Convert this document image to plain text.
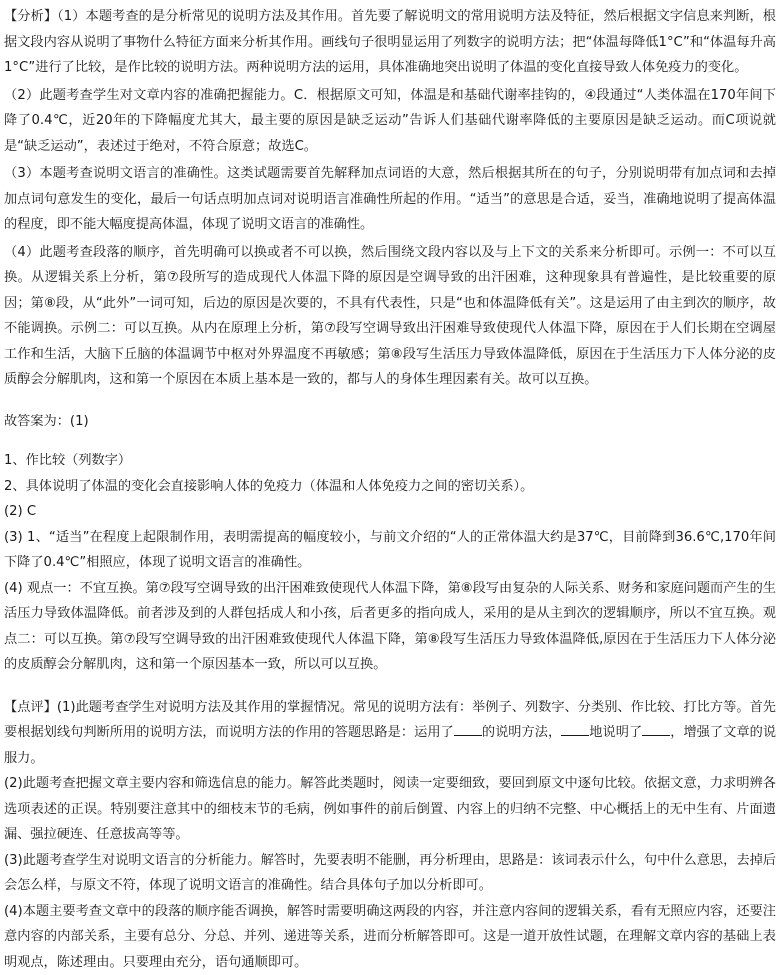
【分析】（1）本题考查的是分析常见的说明方法及其作用。首先要了解说明文的常用说明方法及特征，然后根据文字信息来判断，根据文段内容从说明了事物什么特征方面来分析其作用。画线句子很明显运用了列数字的说明方法；把“体温每降低1°C”和“体温每升高1°C”进行了比较，是作比较的说明方法。两种说明方法的运用，具体准确地突出说明了体温的变化直接导致人体免疫力的变化。

（2）此题考查学生对文章内容的准确把握能力。C．根据原文可知，体温是和基础代谢率挂钩的，④段通过“人类体温在170年间下降了0.4℃，近20年的下降幅度尤其大，最主要的原因是缺乏运动”告诉人们基础代谢率降低的主要原因是缺乏运动。而C项说就是“缺乏运动”，表述过于绝对，不符合原意；故选C。

（3）本题考查说明文语言的准确性。这类试题需要首先解释加点词语的大意，然后根据其所在的句子，分别说明带有加点词和去掉加点词句意发生的变化，最后一句话点明加点词对说明语言准确性所起的作用。“适当”的意思是合适，妥当，准确地说明了提高体温的程度，即不能大幅度提高体温，体现了说明文语言的准确性。

（4）此题考查段落的顺序，首先明确可以换或者不可以换，然后围绕文段内容以及与上下文的关系来分析即可。示例一：不可以互换。从逻辑关系上分析，第⑦段所写的造成现代人体温下降的原因是空调导致的出汗困难，这种现象具有普遍性，是比较重要的原因；第⑧段，从“此外”一词可知，后边的原因是次要的，不具有代表性，只是“也和体温降低有关”。这是运用了由主到次的顺序，故不能调换。示例二：可以互换。从内在原理上分析，第⑦段写空调导致出汗困难导致使现代人体温下降，原因在于人们长期在空调屋工作和生活，大脑下丘脑的体温调节中枢对外界温度不再敏感；第⑧段写生活压力导致体温降低，原因在于生活压力下人体分泌的皮质醇会分解肌肉，这和第一个原因在本质上基本是一致的，都与人的身体生理因素有关。故可以互换。

故答案为：(1)

1、作比较（列数字）

2、具体说明了体温的变化会直接影响人体的免疫力（体温和人体免疫力之间的密切关系）。

(2) C

(3) 1、“适当”在程度上起限制作用，表明需提高的幅度较小，与前文介绍的“人的正常体温大约是37℃，目前降到36.6℃,170年间下降了0.4℃”相照应，体现了说明文语言的准确性。

(4) 观点一：不宜互换。第⑦段写空调导致的出汗困难致使现代人体温下降，第⑧段写由复杂的人际关系、财务和家庭问题而产生的生活压力导致体温降低。前者涉及到的人群包括成人和小孩，后者更多的指向成人，采用的是从主到次的逻辑顺序，所以不宜互换。观点二：可以互换。第⑦段写空调导致的出汗困难致使现代人体温下降，第⑧段写生活压力导致体温降低,原因在于生活压力下人体分泌的皮质醇会分解肌肉，这和第一个原因基本一致，所以可以互换。

【点评】(1)此题考查学生对说明方法及其作用的掌握情况。常见的说明方法有：举例子、列数字、分类别、作比较、打比方等。首先要根据划线句判断所用的说明方法，而说明方法的作用的答题思路是：运用了 的说明方法， 地说明了 ，增强了文章的说服力。

(2)此题考查把握文章主要内容和筛选信息的能力。解答此类题时，阅读一定要细致，要回到原文中逐句比较。依据文意，力求明辨各选项表述的正误。特别要注意其中的细枝末节的毛病，例如事件的前后倒置、内容上的归纳不完整、中心概括上的无中生有、片面遗漏、强拉硬连、任意拔高等等。

(3)此题考查学生对说明文语言的分析能力。解答时，先要表明不能删，再分析理由，思路是：该词表示什么，句中什么意思，去掉后会怎么样，与原文不符，体现了说明文语言的准确性。结合具体句子加以分析即可。

(4)本题主要考查文章中的段落的顺序能否调换，解答时需要明确这两段的内容，并注意内容间的逻辑关系，看有无照应内容，还要注意内容的内部关系，主要有总分、分总、并列、递进等关系，进而分析解答即可。这是一道开放性试题，在理解文章内容的基础上表明观点，陈述理由。只要理由充分，语句通顺即可。
